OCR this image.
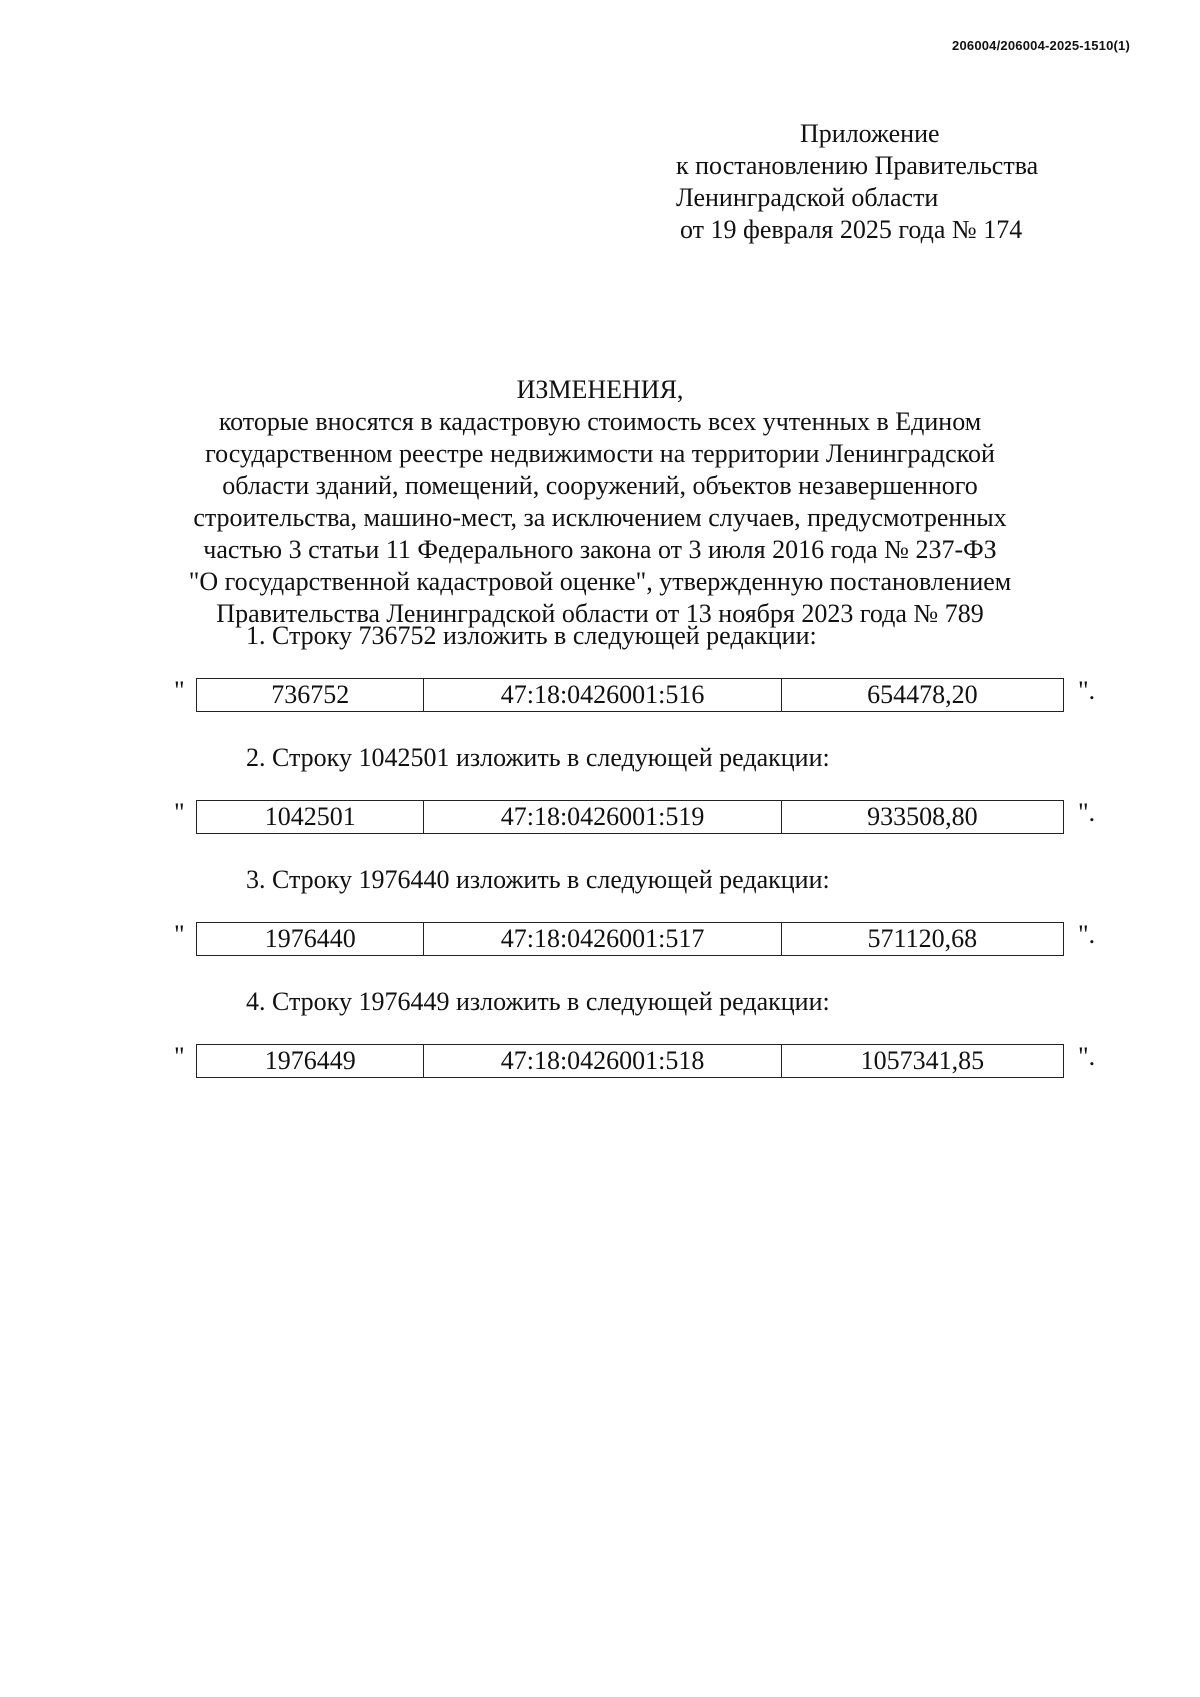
206004/206004-2025-1510(1)
Приложение
к постановлению Правительства
Ленинградской области
от 19 февраля 2025 года № 174
ИЗМЕНЕНИЯ,
которые вносятся в кадастровую стоимость всех учтенных в Едином
государственном реестре недвижимости на территории Ленинградской
области зданий, помещений, сооружений, объектов незавершенного
строительства, машино-мест, за исключением случаев, предусмотренных
частью 3 статьи 11 Федерального закона от 3 июля 2016 года № 237-ФЗ
"О государственной кадастровой оценке", утвержденную постановлением
Правительства Ленинградской области от 13 ноября 2023 года № 789
1. Строку 736752 изложить в следующей редакции:
"	736752	47:18:0426001:516	654478,20	".
2. Строку 1042501 изложить в следующей редакции:
"	1042501	47:18:0426001:519	933508,80	".
3. Строку 1976440 изложить в следующей редакции:
"	1976440	47:18:0426001:517	571120,68	".
4. Строку 1976449 изложить в следующей редакции:
"	1976449	47:18:0426001:518	1057341,85	".
